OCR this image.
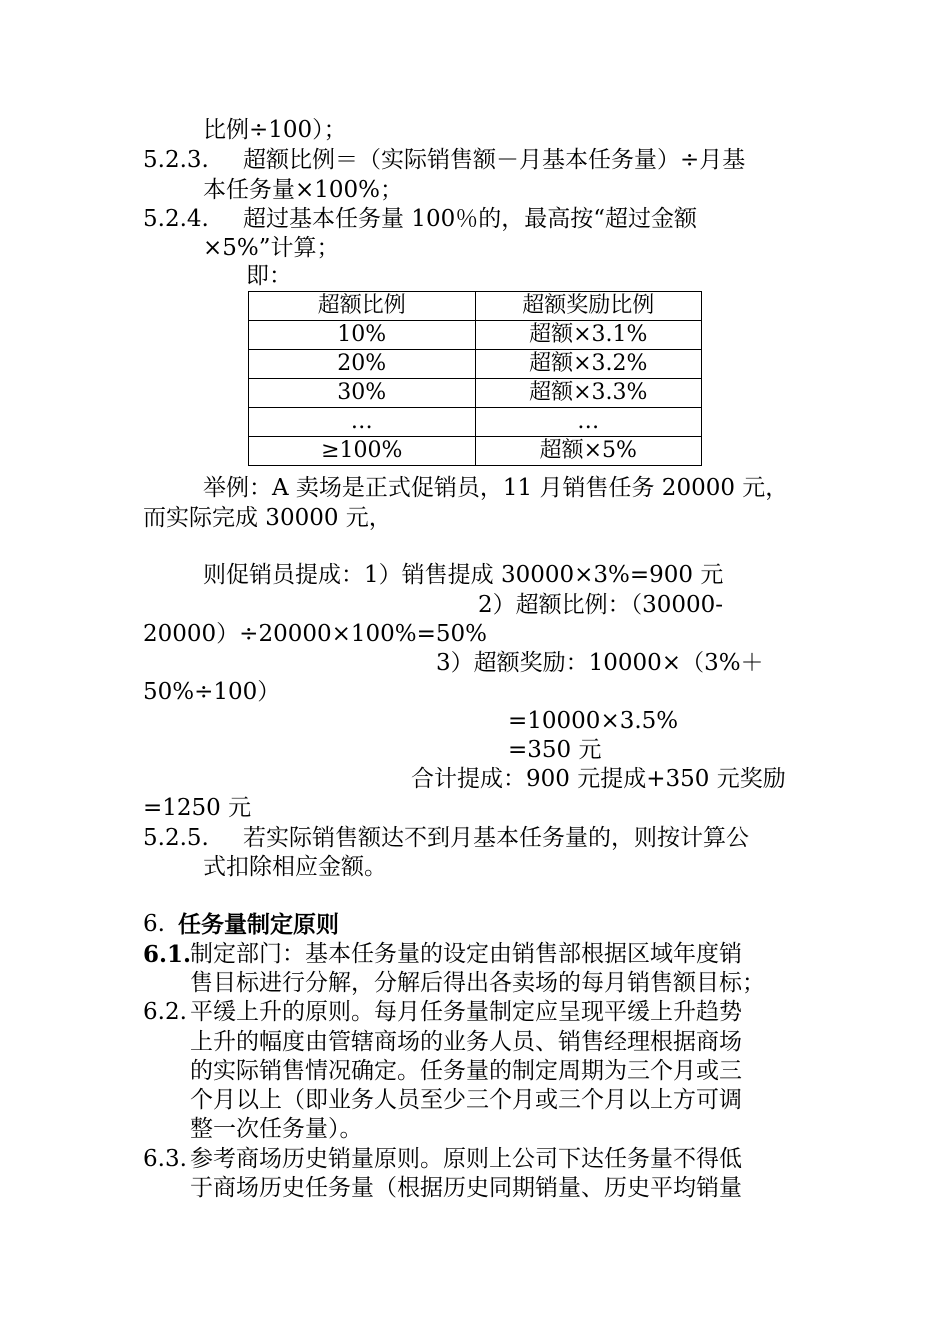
比例÷100）；
5.2.3. 超额比例＝（实际销售额－月基本任务量）÷月基
本任务量×100%；
5.2.4. 超过基本任务量 100％的，最高按“超过金额
×5%”计算；
即：
超额比例	超额奖励比例
10%	超额×3.1%
20%	超额×3.2%
30%	超额×3.3%
…	…
≥100%	超额×5%
举例：A 卖场是正式促销员，11 月销售任务 20000 元，
而实际完成 30000 元，
则促销员提成：1）销售提成 30000×3%=900 元
2）超额比例：（30000-
20000）÷20000×100%=50%
3）超额奖励：10000×（3%＋
50%÷100）
=10000×3.5%
=350 元
合计提成：900 元提成+350 元奖励
=1250 元
5.2.5. 若实际销售额达不到月基本任务量的，则按计算公
式扣除相应金额。
6. 任务量制定原则
6.1.
制定部门：基本任务量的设定由销售部根据区域年度销
售目标进行分解，分解后得出各卖场的每月销售额目标；
6.2. 平缓上升的原则。每月任务量制定应呈现平缓上升趋势
上升的幅度由管辖商场的业务人员、销售经理根据商场
的实际销售情况确定。任务量的制定周期为三个月或三
个月以上（即业务人员至少三个月或三个月以上方可调
整一次任务量）。
6.3. 参考商场历史销量原则。原则上公司下达任务量不得低
于商场历史任务量（根据历史同期销量、历史平均销量
